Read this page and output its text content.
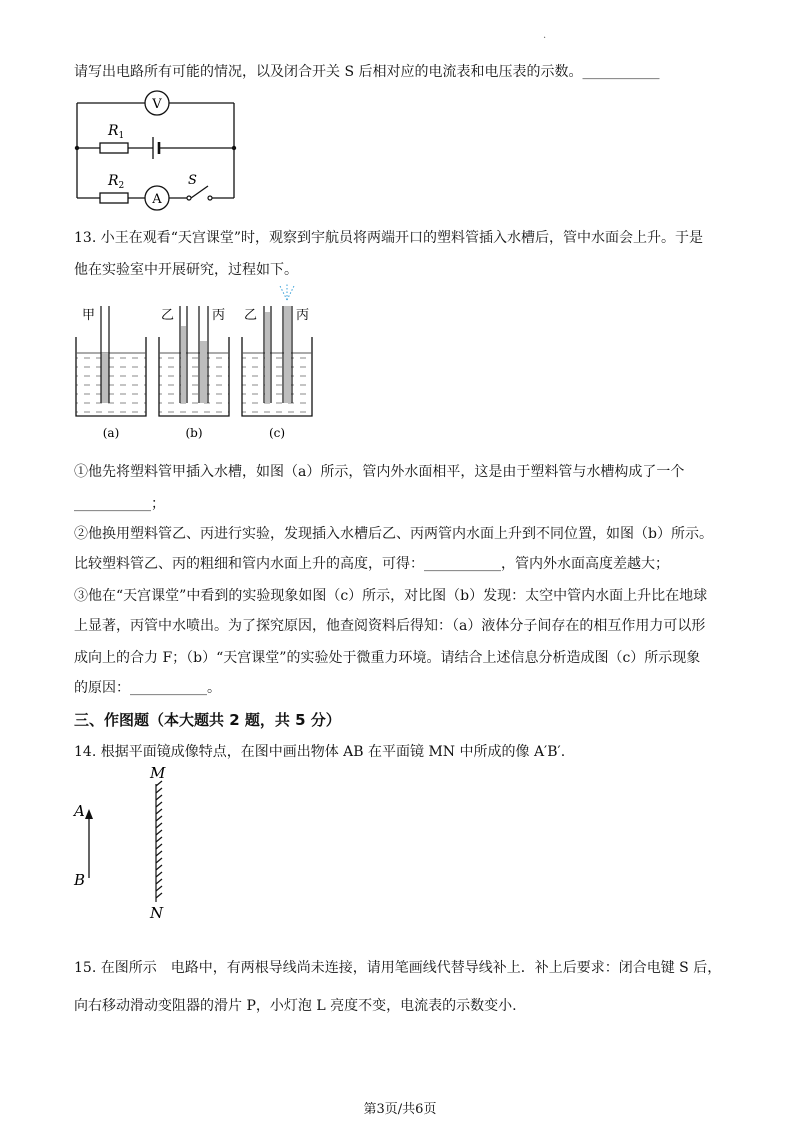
.
请写出电路所有可能的情况，以及闭合开关 S 后相对应的电流表和电压表的示数。___________
V
$R_1$
$R_2$
A
S
13. 小王在观看“天宫课堂”时，观察到宇航员将两端开口的塑料管插入水槽后，管中水面会上升。于是
他在实验室中开展研究，过程如下。
甲
(a)
乙	丙
(b)
乙	丙
(c)
①他先将塑料管甲插入水槽，如图（a）所示，管内外水面相平，这是由于塑料管与水槽构成了一个
___________；
②他换用塑料管乙、丙进行实验，发现插入水槽后乙、丙两管内水面上升到不同位置，如图（b）所示。
比较塑料管乙、丙的粗细和管内水面上升的高度，可得：___________，管内外水面高度差越大；
③他在“天宫课堂”中看到的实验现象如图（c）所示，对比图（b）发现：太空中管内水面上升比在地球
上显著，丙管中水喷出。为了探究原因，他查阅资料后得知：（a）液体分子间存在的相互作用力可以形
成向上的合力 F；（b）“天宫课堂”的实验处于微重力环境。请结合上述信息分析造成图（c）所示现象
的原因：___________。
三、作图题（本大题共 2 题，共 5 分）
14. 根据平面镜成像特点，在图中画出物体 AB 在平面镜 MN 中所成的像 A′B′.
M
N
A
B
15. 在图所示　电路中，有两根导线尚未连接，请用笔画线代替导线补上．补上后要求：闭合电键 S 后，
向右移动滑动变阻器的滑片 P，小灯泡 L 亮度不变，电流表的示数变小.
第3页/共6页
